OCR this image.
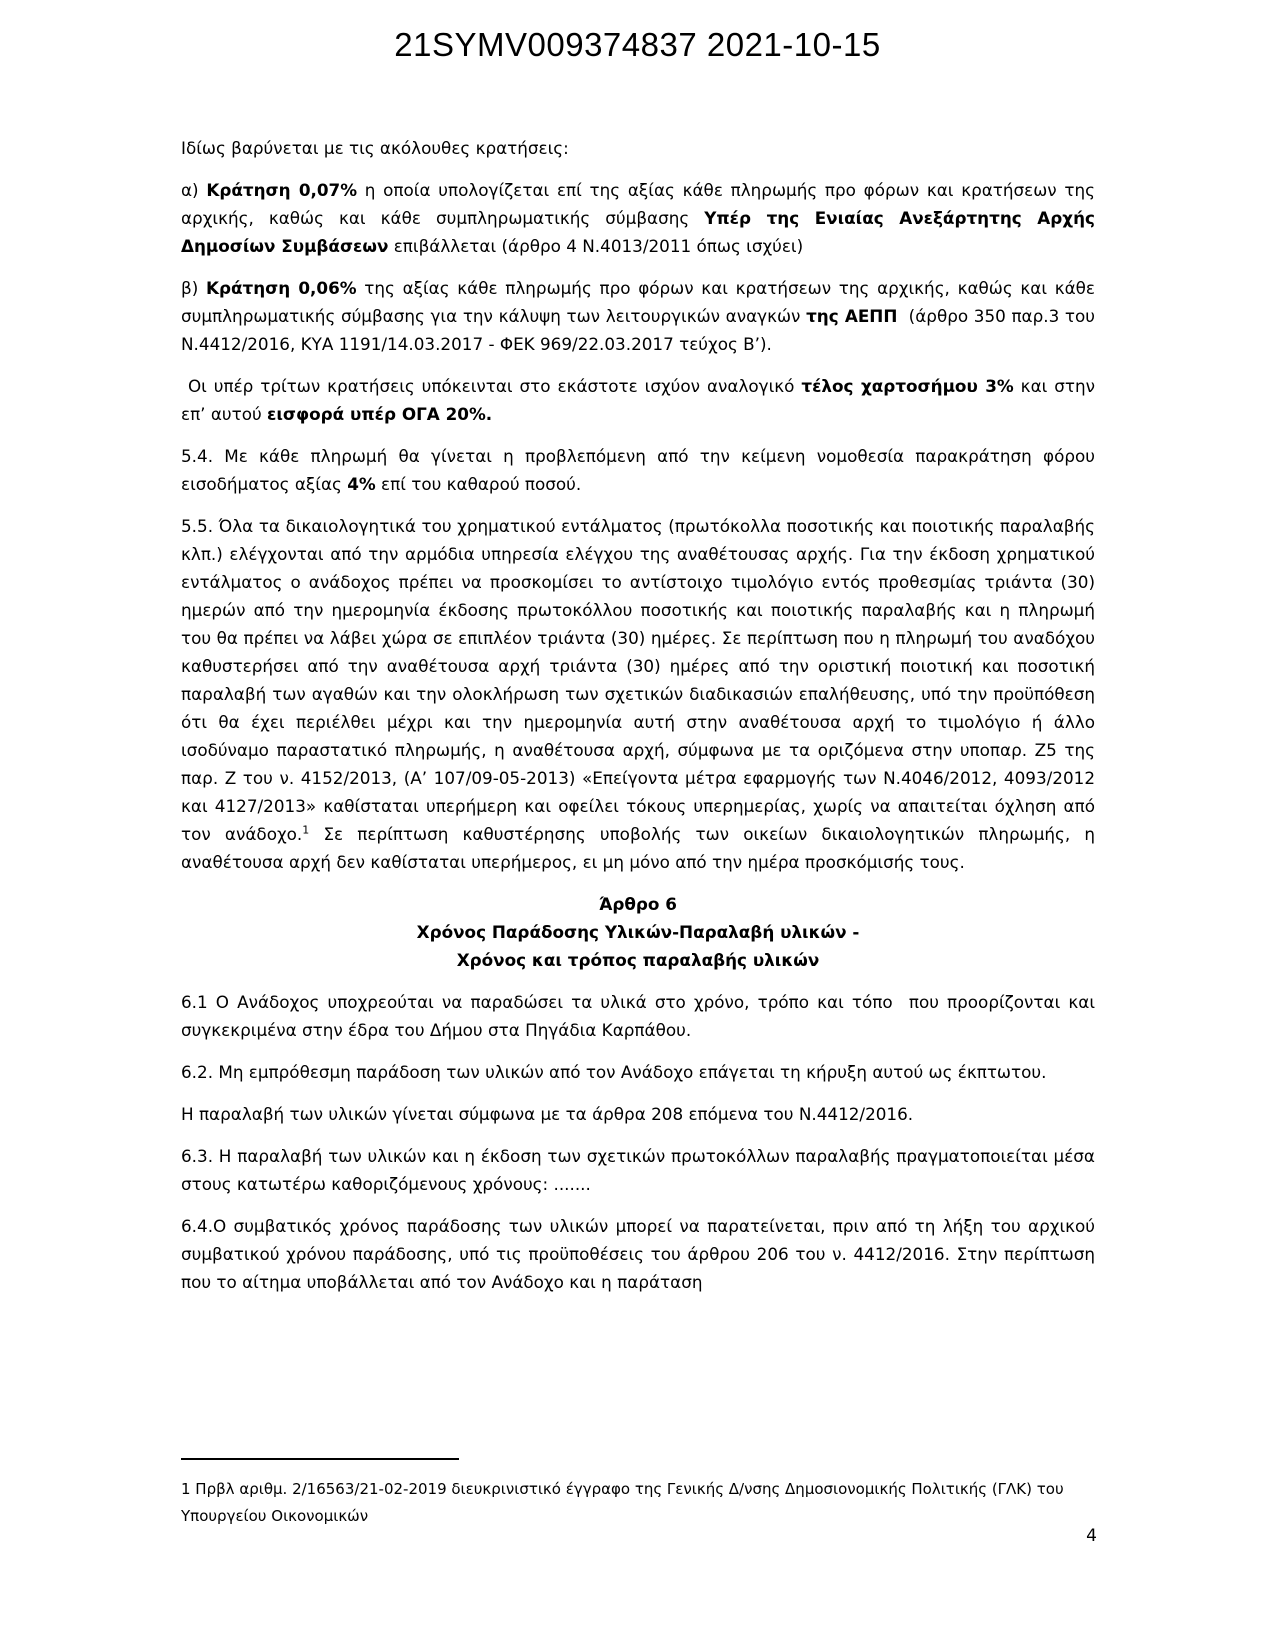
21SYMV009374837 2021-10-15

Ιδίως βαρύνεται με τις ακόλουθες κρατήσεις:

α) Κράτηση 0,07% η οποία υπολογίζεται επί της αξίας κάθε πληρωμής προ φόρων και κρατήσεων της αρχικής, καθώς και κάθε συμπληρωματικής σύμβασης Υπέρ της Ενιαίας Ανεξάρτητης Αρχής Δημοσίων Συμβάσεων επιβάλλεται (άρθρο 4 Ν.4013/2011 όπως ισχύει)

β) Κράτηση 0,06% της αξίας κάθε πληρωμής προ φόρων και κρατήσεων της αρχικής, καθώς και κάθε συμπληρωματικής σύμβασης για την κάλυψη των λειτουργικών αναγκών της ΑΕΠΠ  (άρθρο 350 παρ.3 του Ν.4412/2016, ΚΥΑ 1191/14.03.2017 - ΦΕΚ 969/22.03.2017 τεύχος Β’).

Οι υπέρ τρίτων κρατήσεις υπόκεινται στο εκάστοτε ισχύον αναλογικό τέλος χαρτοσήμου 3% και στην επ’ αυτού εισφορά υπέρ ΟΓΑ 20%.

5.4. Με κάθε πληρωμή θα γίνεται η προβλεπόμενη από την κείμενη νομοθεσία παρακράτηση φόρου εισοδήματος αξίας 4% επί του καθαρού ποσού.

5.5. Όλα τα δικαιολογητικά του χρηματικού εντάλματος (πρωτόκολλα ποσοτικής και ποιοτικής παραλαβής κλπ.) ελέγχονται από την αρμόδια υπηρεσία ελέγχου της αναθέτουσας αρχής. Για την έκδοση χρηματικού εντάλματος ο ανάδοχος πρέπει να προσκομίσει το αντίστοιχο τιμολόγιο εντός προθεσμίας τριάντα (30) ημερών από την ημερομηνία έκδοσης πρωτοκόλλου ποσοτικής και ποιοτικής παραλαβής και η πληρωμή του θα πρέπει να λάβει χώρα σε επιπλέον τριάντα (30) ημέρες. Σε περίπτωση που η πληρωμή του αναδόχου καθυστερήσει από την αναθέτουσα αρχή τριάντα (30) ημέρες από την οριστική ποιοτική και ποσοτική παραλαβή των αγαθών και την ολοκλήρωση των σχετικών διαδικασιών επαλήθευσης, υπό την προϋπόθεση ότι θα έχει περιέλθει μέχρι και την ημερομηνία αυτή στην αναθέτουσα αρχή το τιμολόγιο ή άλλο ισοδύναμο παραστατικό πληρωμής, η αναθέτουσα αρχή, σύμφωνα με τα οριζόμενα στην υποπαρ. Ζ5 της παρ. Ζ του ν. 4152/2013, (Α’ 107/09-05-2013) «Επείγοντα μέτρα εφαρμογής των Ν.4046/2012, 4093/2012 και 4127/2013» καθίσταται υπερήμερη και οφείλει τόκους υπερημερίας, χωρίς να απαιτείται όχληση από τον ανάδοχο.$^1$ Σε περίπτωση καθυστέρησης υποβολής των οικείων δικαιολογητικών πληρωμής, η αναθέτουσα αρχή δεν καθίσταται υπερήμερος, ει μη μόνο από την ημέρα προσκόμισής τους.

Άρθρο 6
Χρόνος Παράδοσης Υλικών-Παραλαβή υλικών -
Χρόνος και τρόπος παραλαβής υλικών

6.1 Ο Ανάδοχος υποχρεούται να παραδώσει τα υλικά στο χρόνο, τρόπο και τόπο  που προορίζονται και συγκεκριμένα στην έδρα του Δήμου στα Πηγάδια Καρπάθου.

6.2. Μη εμπρόθεσμη παράδοση των υλικών από τον Ανάδοχο επάγεται τη κήρυξη αυτού ως έκπτωτου.

Η παραλαβή των υλικών γίνεται σύμφωνα με τα άρθρα 208 επόμενα του Ν.4412/2016.

6.3. Η παραλαβή των υλικών και η έκδοση των σχετικών πρωτοκόλλων παραλαβής πραγματοποιείται μέσα στους κατωτέρω καθοριζόμενους χρόνους: .......

6.4.Ο συμβατικός χρόνος παράδοσης των υλικών μπορεί να παρατείνεται, πριν από τη λήξη του αρχικού συμβατικού χρόνου παράδοσης, υπό τις προϋποθέσεις του άρθρου 206 του ν. 4412/2016. Στην περίπτωση που το αίτημα υποβάλλεται από τον Ανάδοχο και η παράταση

1 Πρβλ αριθμ. 2/16563/21-02-2019 διευκρινιστικό έγγραφο της Γενικής Δ/νσης Δημοσιονομικής Πολιτικής (ΓΛΚ) του Υπουργείου Οικονομικών

4
